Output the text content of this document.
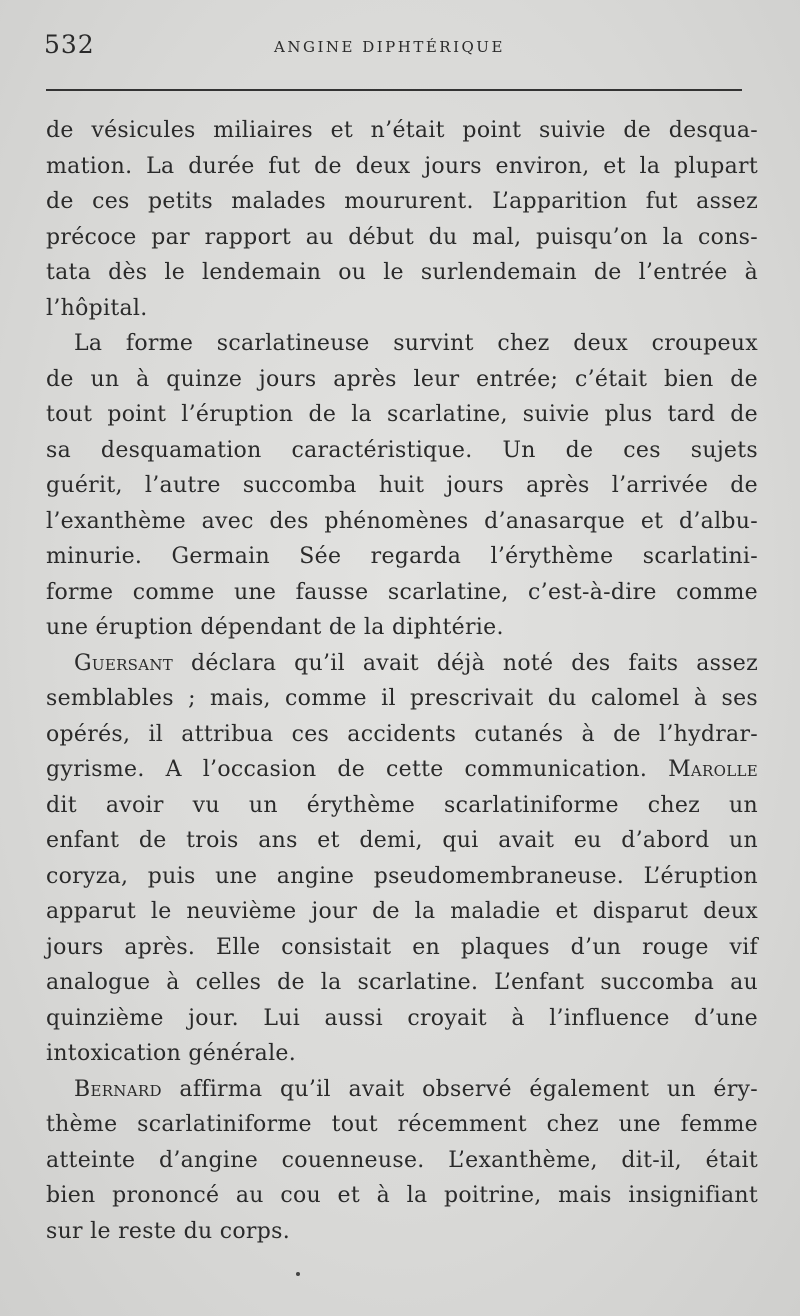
532	ANGINE DIPHTÉRIQUE
de vésicules miliaires et n’était point suivie de desqua-
mation. La durée fut de deux jours environ, et la plupart
de ces petits malades moururent. L’apparition fut assez
précoce par rapport au début du mal, puisqu’on la cons-
tata dès le lendemain ou le surlendemain de l’entrée à
l’hôpital.
La forme scarlatineuse survint chez deux croupeux
de un à quinze jours après leur entrée; c’était bien de
tout point l’éruption de la scarlatine, suivie plus tard de
sa desquamation caractéristique. Un de ces sujets
guérit, l’autre succomba huit jours après l’arrivée de
l’exanthème avec des phénomènes d’anasarque et d’albu-
minurie. Germain Sée regarda l’érythème scarlatini-
forme comme une fausse scarlatine, c’est-à-dire comme
une éruption dépendant de la diphtérie.
Guersant déclara qu’il avait déjà noté des faits assez
semblables ; mais, comme il prescrivait du calomel à ses
opérés, il attribua ces accidents cutanés à de l’hydrar-
gyrisme. A l’occasion de cette communication. Marolle
dit avoir vu un érythème scarlatiniforme chez un
enfant de trois ans et demi, qui avait eu d’abord un
coryza, puis une angine pseudomembraneuse. L’éruption
apparut le neuvième jour de la maladie et disparut deux
jours après. Elle consistait en plaques d’un rouge vif
analogue à celles de la scarlatine. L’enfant succomba au
quinzième jour. Lui aussi croyait à l’influence d’une
intoxication générale.
Bernard affirma qu’il avait observé également un éry-
thème scarlatiniforme tout récemment chez une femme
atteinte d’angine couenneuse. L’exanthème, dit-il, était
bien prononcé au cou et à la poitrine, mais insignifiant
sur le reste du corps.
